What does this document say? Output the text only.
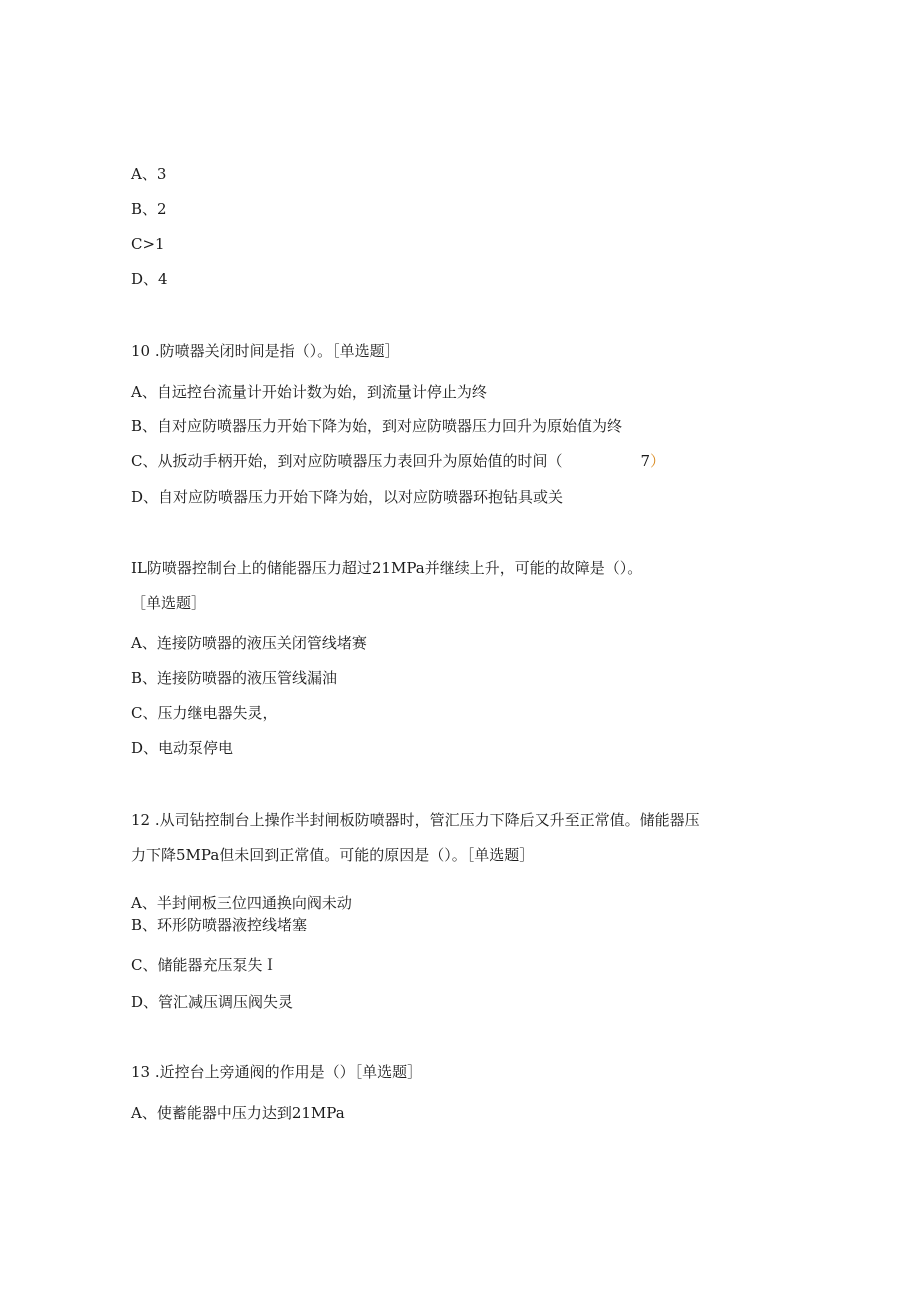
A、3
B、2
C>1
D、4
10 .防喷器关闭时间是指（）。［单选题］
A、自远控台流量计开始计数为始，到流量计停止为终
B、自对应防喷器压力开始下降为始，到对应防喷器压力回升为原始值为终
C、从扳动手柄开始，到对应防喷器压力表回升为原始值的时间（	7）
D、自对应防喷器压力开始下降为始，以对应防喷器环抱钻具或关
IL防喷器控制台上的储能器压力超过21MPa并继续上升，可能的故障是（）。
［单选题］
A、连接防喷器的液压关闭管线堵赛
B、连接防喷器的液压管线漏油
C、压力继电器失灵，
D、电动泵停电
12 .从司钻控制台上操作半封闸板防喷器时，管汇压力下降后又升至正常值。储能器压
力下降5MPa但未回到正常值。可能的原因是（）。［单选题］
A、半封闸板三位四通换向阀未动
B、环形防喷器液控线堵塞
C、储能器充压泵失Ｉ
D、管汇减压调压阀失灵
13 .近控台上旁通阀的作用是（）［单选题］
A、使蓄能器中压力达到21MPa
